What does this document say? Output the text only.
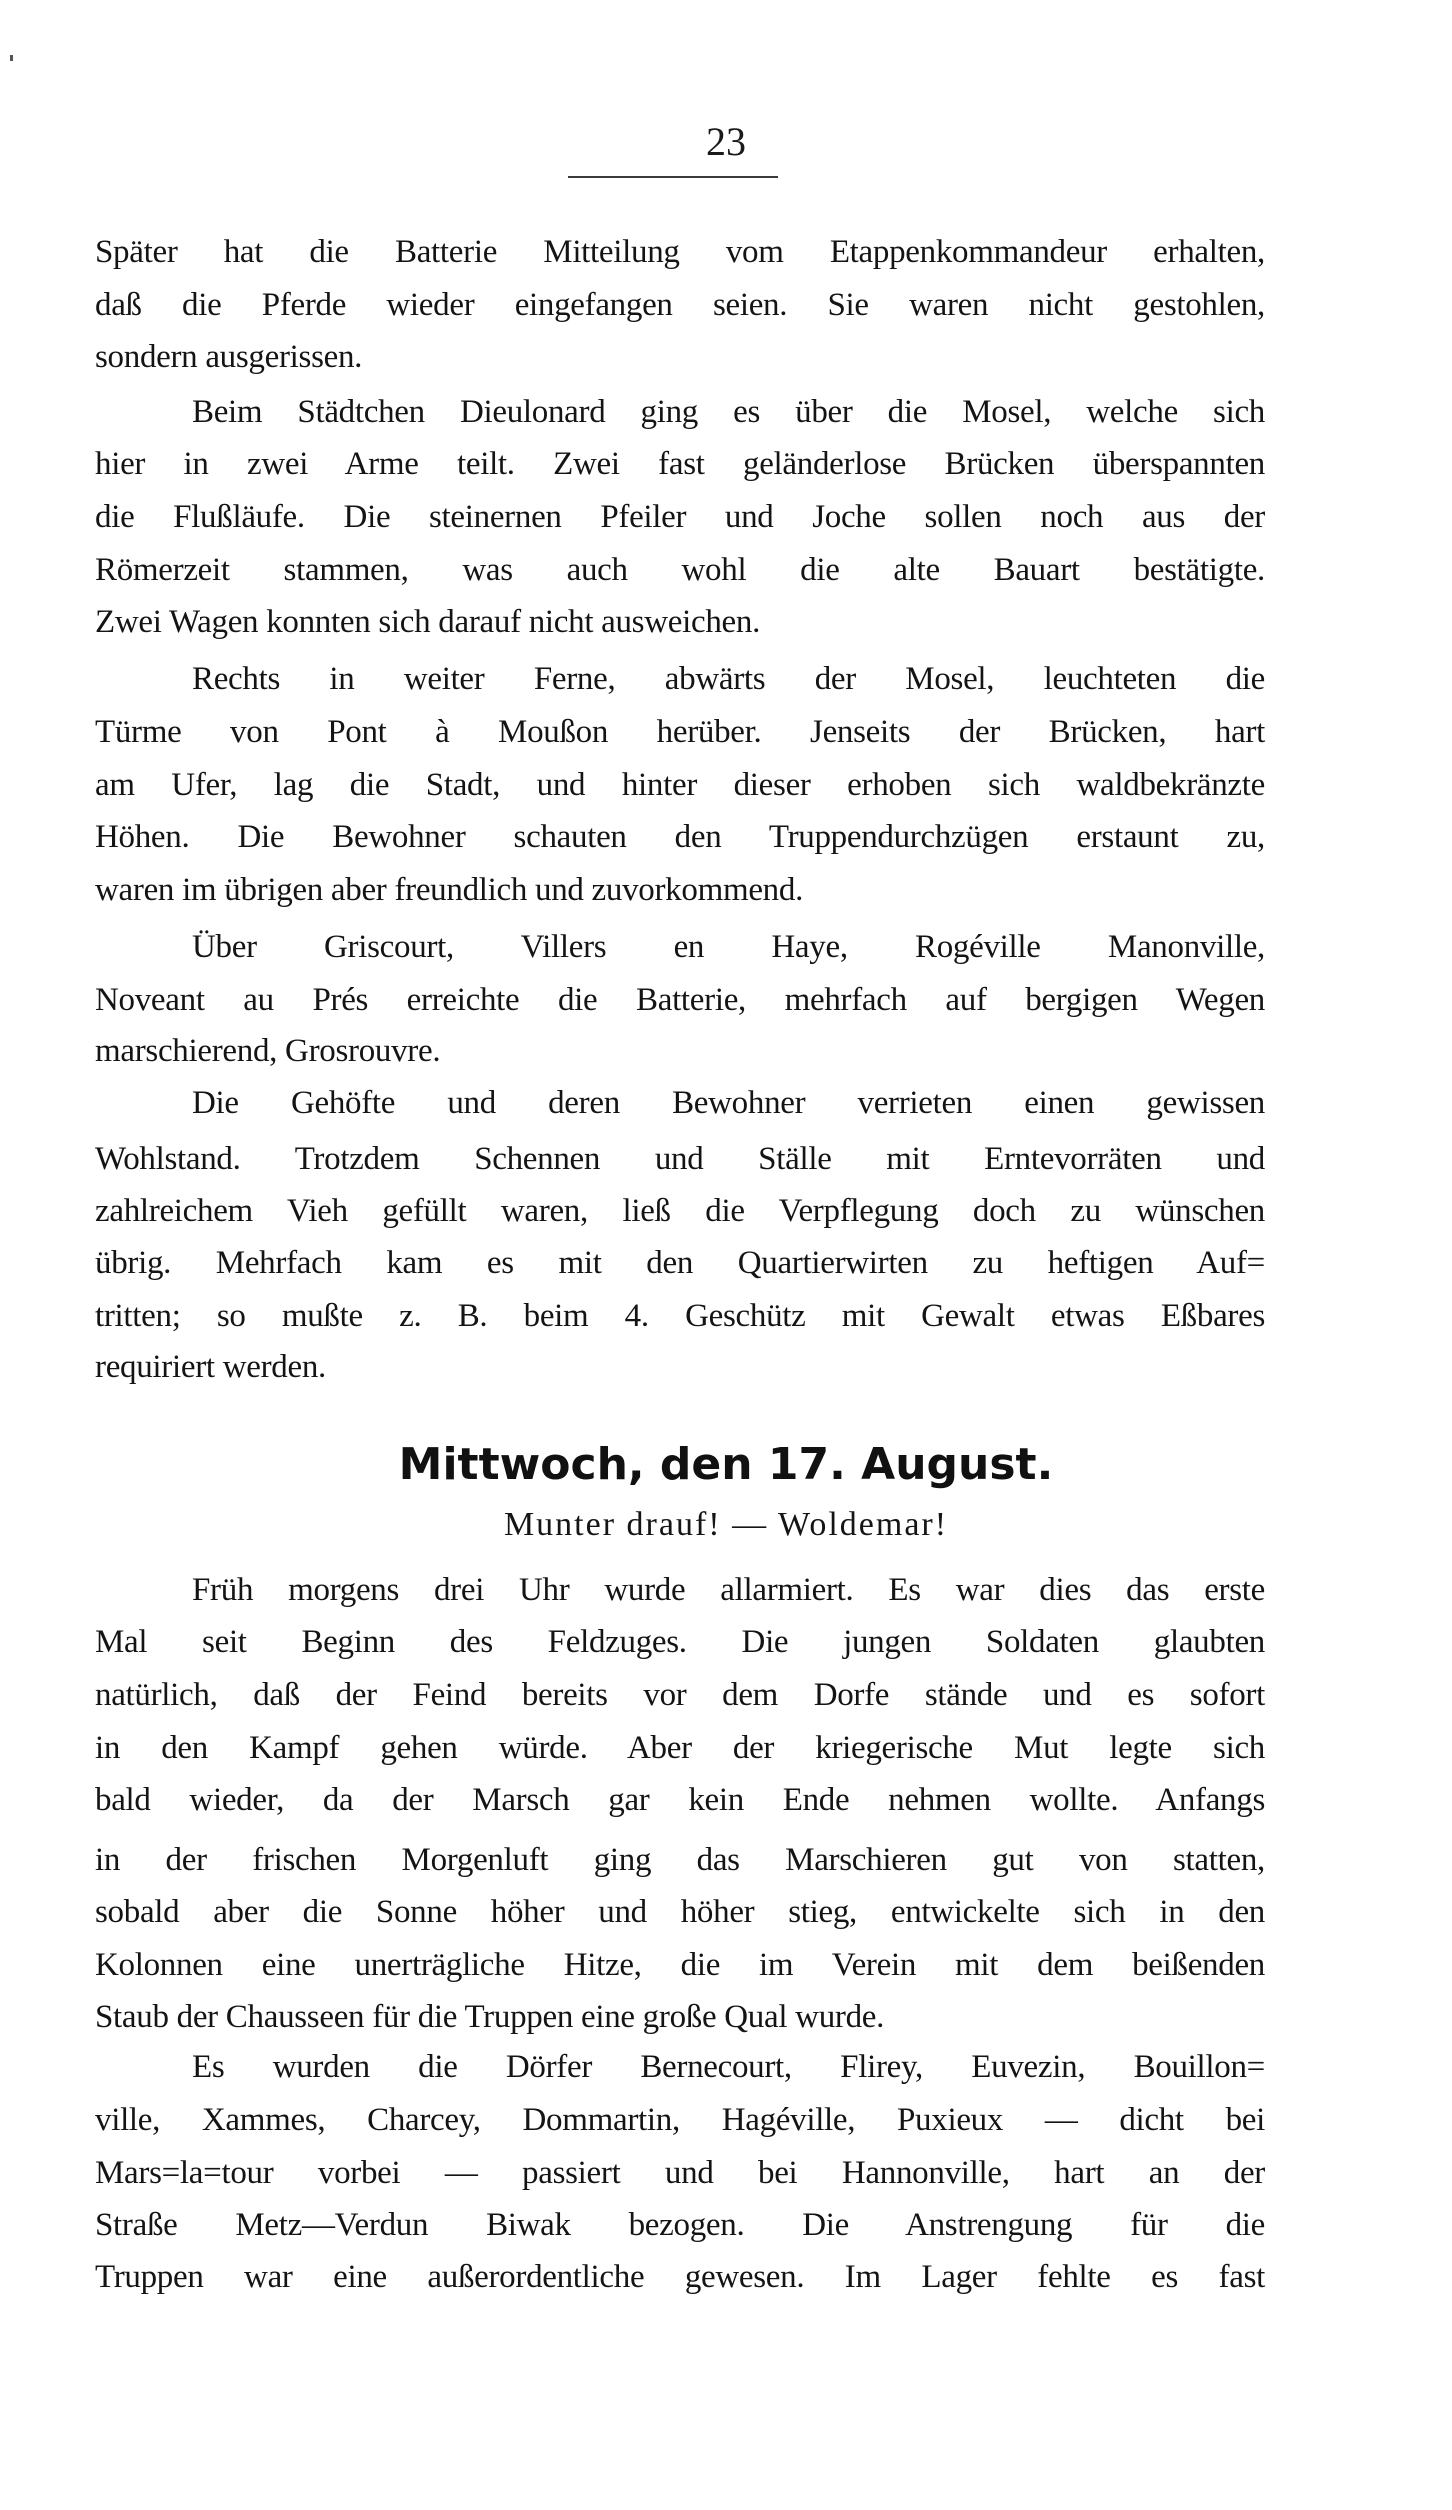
23
Später hat die Batterie Mitteilung vom Etappenkommandeur erhalten,
daß die Pferde wieder eingefangen seien. Sie waren nicht gestohlen,
sondern ausgerissen.
Beim Städtchen Dieulonard ging es über die Mosel, welche sich
hier in zwei Arme teilt. Zwei fast geländerlose Brücken überspannten
die Flußläufe. Die steinernen Pfeiler und Joche sollen noch aus der
Römerzeit stammen, was auch wohl die alte Bauart bestätigte.
Zwei Wagen konnten sich darauf nicht ausweichen.
Rechts in weiter Ferne, abwärts der Mosel, leuchteten die
Türme von Pont à Moußon herüber. Jenseits der Brücken, hart
am Ufer, lag die Stadt, und hinter dieser erhoben sich waldbekränzte
Höhen. Die Bewohner schauten den Truppendurchzügen erstaunt zu,
waren im übrigen aber freundlich und zuvorkommend.
Über Griscourt, Villers en Haye, Rogéville Manonville,
Noveant au Prés erreichte die Batterie, mehrfach auf bergigen Wegen
marschierend, Grosrouvre.
Die Gehöfte und deren Bewohner verrieten einen gewissen
Wohlstand. Trotzdem Schennen und Ställe mit Erntevorräten und
zahlreichem Vieh gefüllt waren, ließ die Verpflegung doch zu wünschen
übrig. Mehrfach kam es mit den Quartierwirten zu heftigen Auf=
tritten; so mußte z. B. beim 4. Geschütz mit Gewalt etwas Eßbares
requiriert werden.
Mittwoch, den 17. August.
Munter drauf! — Woldemar!
Früh morgens drei Uhr wurde allarmiert. Es war dies das erste
Mal seit Beginn des Feldzuges. Die jungen Soldaten glaubten
natürlich, daß der Feind bereits vor dem Dorfe stände und es sofort
in den Kampf gehen würde. Aber der kriegerische Mut legte sich
bald wieder, da der Marsch gar kein Ende nehmen wollte. Anfangs
in der frischen Morgenluft ging das Marschieren gut von statten,
sobald aber die Sonne höher und höher stieg, entwickelte sich in den
Kolonnen eine unerträgliche Hitze, die im Verein mit dem beißenden
Staub der Chausseen für die Truppen eine große Qual wurde.
Es wurden die Dörfer Bernecourt, Flirey, Euvezin, Bouillon=
ville, Xammes, Charcey, Dommartin, Hagéville, Puxieux — dicht bei
Mars=la=tour vorbei — passiert und bei Hannonville, hart an der
Straße Metz—Verdun Biwak bezogen. Die Anstrengung für die
Truppen war eine außerordentliche gewesen. Im Lager fehlte es fast
